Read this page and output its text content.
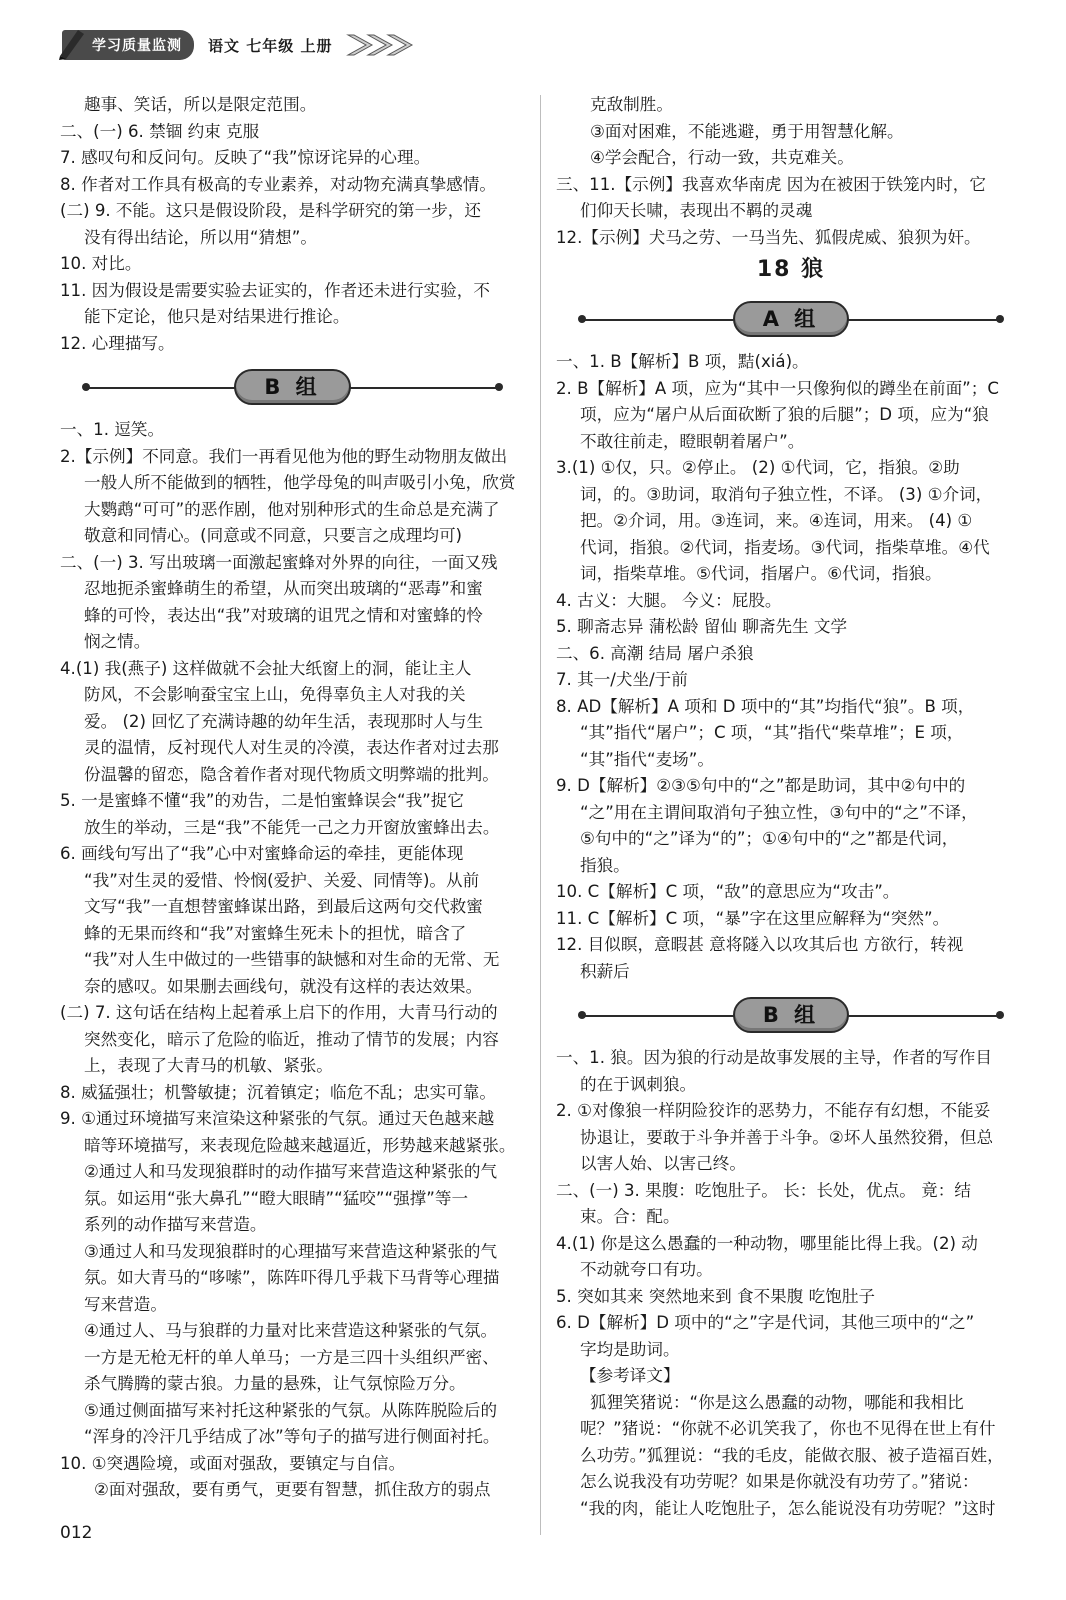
学习质量监测	语文 七年级 上册
趣事、笑话，所以是限定范围。
二、(一) 6. 禁锢 约束 克服
7. 感叹句和反问句。反映了“我”惊讶诧异的心理。
8. 作者对工作具有极高的专业素养，对动物充满真挚感情。
(二) 9. 不能。这只是假设阶段，是科学研究的第一步，还
没有得出结论，所以用“猜想”。
10. 对比。
11. 因为假设是需要实验去证实的，作者还未进行实验，不
能下定论，他只是对结果进行推论。
12. 心理描写。
B 组
一、1. 逗笑。
2.【示例】不同意。我们一再看见他为他的野生动物朋友做出
一般人所不能做到的牺牲，他学母兔的叫声吸引小兔，欣赏
大鹦鹉“可可”的恶作剧，他对别种形式的生命总是充满了
敬意和同情心。(同意或不同意，只要言之成理均可)
二、(一) 3. 写出玻璃一面激起蜜蜂对外界的向往，一面又残
忍地扼杀蜜蜂萌生的希望，从而突出玻璃的“恶毒”和蜜
蜂的可怜，表达出“我”对玻璃的诅咒之情和对蜜蜂的怜
悯之情。
4.(1) 我(燕子) 这样做就不会扯大纸窗上的洞，能让主人
防风，不会影响蚕宝宝上山，免得辜负主人对我的关
爱。 (2) 回忆了充满诗趣的幼年生活，表现那时人与生
灵的温情，反衬现代人对生灵的冷漠，表达作者对过去那
份温馨的留恋，隐含着作者对现代物质文明弊端的批判。
5. 一是蜜蜂不懂“我”的劝告，二是怕蜜蜂误会“我”捉它
放生的举动，三是“我”不能凭一己之力开窗放蜜蜂出去。
6. 画线句写出了“我”心中对蜜蜂命运的牵挂，更能体现
“我”对生灵的爱惜、怜悯(爱护、关爱、同情等)。从前
文写“我”一直想替蜜蜂谋出路，到最后这两句交代救蜜
蜂的无果而终和“我”对蜜蜂生死未卜的担忧，暗含了
“我”对人生中做过的一些错事的缺憾和对生命的无常、无
奈的感叹。如果删去画线句，就没有这样的表达效果。
(二) 7. 这句话在结构上起着承上启下的作用，大青马行动的
突然变化，暗示了危险的临近，推动了情节的发展；内容
上，表现了大青马的机敏、紧张。
8. 威猛强壮；机警敏捷；沉着镇定；临危不乱；忠实可靠。
9. ①通过环境描写来渲染这种紧张的气氛。通过天色越来越
暗等环境描写，来表现危险越来越逼近，形势越来越紧张。
②通过人和马发现狼群时的动作描写来营造这种紧张的气
氛。如运用“张大鼻孔”“瞪大眼睛”“猛咬”“强撑”等一
系列的动作描写来营造。
③通过人和马发现狼群时的心理描写来营造这种紧张的气
氛。如大青马的“哆嗦”，陈阵吓得几乎栽下马背等心理描
写来营造。
④通过人、马与狼群的力量对比来营造这种紧张的气氛。
一方是无枪无杆的单人单马；一方是三四十头组织严密、
杀气腾腾的蒙古狼。力量的悬殊，让气氛惊险万分。
⑤通过侧面描写来衬托这种紧张的气氛。从陈阵脱险后的
“浑身的冷汗几乎结成了冰”等句子的描写进行侧面衬托。
10. ①突遇险境，或面对强敌，要镇定与自信。
②面对强敌，要有勇气，更要有智慧，抓住敌方的弱点
克敌制胜。
③面对困难，不能逃避，勇于用智慧化解。
④学会配合，行动一致，共克难关。
三、11.【示例】我喜欢华南虎 因为在被困于铁笼内时，它
们仰天长啸，表现出不羁的灵魂
12.【示例】犬马之劳、一马当先、狐假虎威、狼狈为奸。
18 狼
A 组
一、1. B【解析】B 项，黠(xiá)。
2. B【解析】A 项，应为“其中一只像狗似的蹲坐在前面”；C
项，应为“屠户从后面砍断了狼的后腿”；D 项，应为“狼
不敢往前走，瞪眼朝着屠户”。
3.(1) ①仅，只。②停止。 (2) ①代词，它，指狼。②助
词，的。③助词，取消句子独立性，不译。 (3) ①介词，
把。②介词，用。③连词，来。④连词，用来。 (4) ①
代词，指狼。②代词，指麦场。③代词，指柴草堆。④代
词，指柴草堆。⑤代词，指屠户。⑥代词，指狼。
4. 古义：大腿。 今义：屁股。
5. 聊斋志异 蒲松龄 留仙 聊斋先生 文学
二、6. 高潮 结局 屠户杀狼
7. 其一/犬坐/于前
8. AD【解析】A 项和 D 项中的“其”均指代“狼”。B 项，
“其”指代“屠户”；C 项，“其”指代“柴草堆”；E 项，
“其”指代“麦场”。
9. D【解析】②③⑤句中的“之”都是助词，其中②句中的
“之”用在主谓间取消句子独立性，③句中的“之”不译，
⑤句中的“之”译为“的”；①④句中的“之”都是代词，
指狼。
10. C【解析】C 项，“敌”的意思应为“攻击”。
11. C【解析】C 项，“暴”字在这里应解释为“突然”。
12. 目似瞑，意暇甚 意将隧入以攻其后也 方欲行，转视
积薪后
B 组
一、1. 狼。因为狼的行动是故事发展的主导，作者的写作目
的在于讽刺狼。
2. ①对像狼一样阴险狡诈的恶势力，不能存有幻想，不能妥
协退让，要敢于斗争并善于斗争。②坏人虽然狡猾，但总
以害人始、以害己终。
二、(一) 3. 果腹：吃饱肚子。 长：长处，优点。 竟：结
束。合：配。
4.(1) 你是这么愚蠢的一种动物，哪里能比得上我。(2) 动
不动就夸口有功。
5. 突如其来 突然地来到 食不果腹 吃饱肚子
6. D【解析】D 项中的“之”字是代词，其他三项中的“之”
字均是助词。
【参考译文】
狐狸笑猪说：“你是这么愚蠢的动物，哪能和我相比
呢？”猪说：“你就不必讥笑我了，你也不见得在世上有什
么功劳。”狐狸说：“我的毛皮，能做衣服、被子造福百姓，
怎么说我没有功劳呢？如果是你就没有功劳了。”猪说：
“我的肉，能让人吃饱肚子，怎么能说没有功劳呢？”这时
012
